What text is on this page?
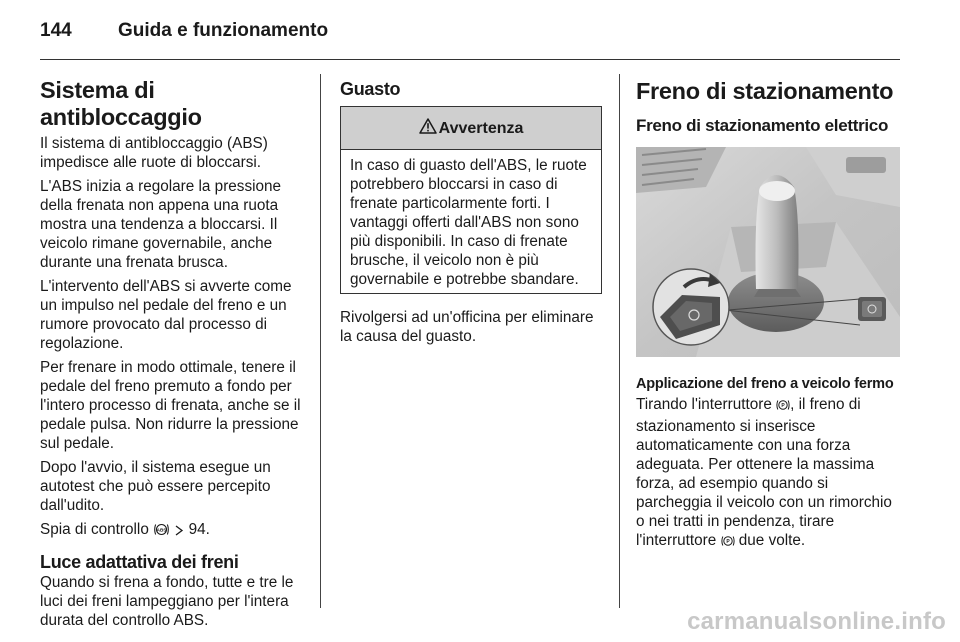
144 Guida e funzionamento
Sistema di antibloccaggio

Il sistema di antibloccaggio (ABS) impedisce alle ruote di bloccarsi.

L'ABS inizia a regolare la pressione della frenata non appena una ruota mostra una tendenza a bloccarsi. Il veicolo rimane governabile, anche durante una frenata brusca.

L'intervento dell'ABS si avverte come un impulso nel pedale del freno e un rumore provocato dal processo di regolazione.

Per frenare in modo ottimale, tenere il pedale del freno premuto a fondo per l'intero processo di frenata, anche se il pedale pulsa. Non ridurre la pressione sul pedale.

Dopo l'avvio, il sistema esegue un autotest che può essere percepito dall'udito.

Spia di controllo ABS 94.

Luce adattativa dei freni

Quando si frena a fondo, tutte e tre le luci dei freni lampeggiano per l'intera durata del controllo ABS.

Guasto
Avvertenza
In caso di guasto dell'ABS, le ruote potrebbero bloccarsi in caso di frenate particolarmente forti. I vantaggi offerti dall'ABS non sono più disponibili. In caso di frenate brusche, il veicolo non è più governabile e potrebbe sbandare.

Rivolgersi ad un'officina per eliminare la causa del guasto.

Freno di stazionamento
Freno di stazionamento elettrico
Applicazione del freno a veicolo fermo

Tirando l'interruttore P , il freno di stazionamento si inserisce automaticamente con una forza adeguata. Per ottenere la massima forza, ad esempio quando si parcheggia il veicolo con un rimorchio o nei tratti in pendenza, tirare l'interruttore P due volte.

carmanualsonline.info
